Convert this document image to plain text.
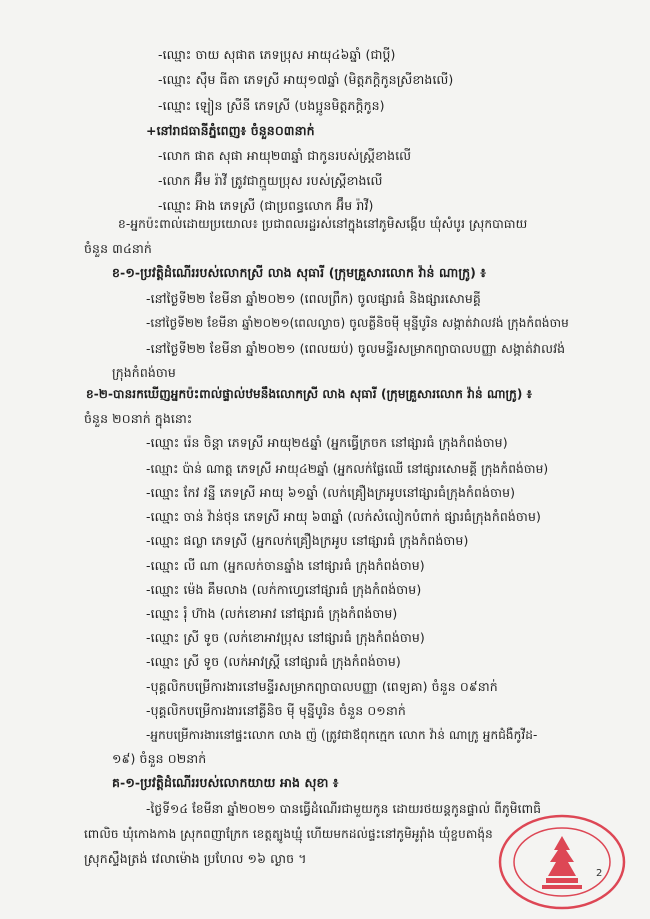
-ឈ្មោះ ចាយ សុផាត ភេទប្រុស អាយុ៤៦ឆ្នាំ (ជាប្តី)
-ឈ្មោះ ស៊ឹម ធីតា ភេទស្រី អាយុ១៧ឆ្នាំ (មិត្តភក្តិកូនស្រីខាងលើ)
-ឈ្មោះ ឡៀន ស្រីនី ភេទស្រី (បងប្អូនមិត្តភក្តិកូន)
+នៅរាជធានីភ្នំពេញ៖ ចំនួន០៣នាក់
-លោក ផាត សុផា អាយុ២៣ឆ្នាំ ជាកូនរបស់ស្រ្តីខាងលើ
-លោក អ៊ឹម រ៉ាវី ត្រូវជាក្មួយប្រុស របស់ស្ត្រីខាងលើ
-ឈ្មោះ អ៊ាង ភេទស្រី (ជាប្រពន្ធលោក អ៊ឹម រ៉ាវី)
ខ-អ្នកប៉ះពាល់ដោយប្រយោល៖ ប្រជាពលរដ្ឋរស់នៅក្នុងនៅភូមិសង្កើប ឃុំសំបូរ ស្រុកបាធាយ
ចំនួន ៣៤នាក់
ខ-១-ប្រវត្តិដំណើររបស់លោកស្រី លាង សុធារី (ក្រុមគ្រួសារលោក វ៉ាន់ ណាក្រូ) ៖
-នៅថ្ងៃទី២២ ខែមីនា ឆ្នាំ២០២១ (ពេលព្រឹក) ចូលផ្សារធំ និងផ្សារសោមគ្គី
-នៅថ្ងៃទី២២ ខែមីនា ឆ្នាំ២០២១(ពេលល្ងាច) ចូលគ្លីនិចម៉ី មុន្នីបូរិន សង្កាត់វាលវង់ ក្រុងកំពង់ចាម
-នៅថ្ងៃទី២២ ខែមីនា ឆ្នាំ២០២១ (ពេលយប់) ចូលមន្ទីរសម្រាកព្យាបាលបញ្ញា សង្កាត់វាលវង់
ក្រុងកំពង់ចាម
ខ-២-បានរកឃើញអ្នកប៉ះពាល់ផ្ទាល់ឋមនឹងលោកស្រី លាង សុធារី (ក្រុមគ្រួសារលោក វ៉ាន់ ណាក្រូ) ៖
ចំនួន ២០នាក់ ក្នុងនោះ
-ឈ្មោះ រ៉េន ចិន្តា ភេទស្រី អាយុ២៥ឆ្នាំ (អ្នកធ្វើក្រចក នៅផ្សារធំ ក្រុងកំពង់ចាម)
-ឈ្មោះ ប៉ាន់ ណាត្ត ភេទស្រី អាយុ៤២ឆ្នាំ (អ្នកលក់ផ្លែឈើ នៅផ្សារសោមគ្គី ក្រុងកំពង់ចាម)
-ឈ្មោះ កែវ វន្នី ភេទស្រី អាយុ ៦១ឆ្នាំ (លក់គ្រឿងក្រអូបនៅផ្សារធំក្រុងកំពង់ចាម)
-ឈ្មោះ ចាន់ វ៉ាន់ថុន ភេទស្រី អាយុ ៦៣ឆ្នាំ (លក់សំលៀកបំពាក់ ផ្សារធំក្រុងកំពង់ចាម)
-ឈ្មោះ ផល្លា ភេទស្រី (អ្នកលក់គ្រឿងក្រអូប នៅផ្សារធំ ក្រុងកំពង់ចាម)
-ឈ្មោះ លី ណា (អ្នកលក់ចានឆ្នាំង នៅផ្សារធំ ក្រុងកំពង់ចាម)
-ឈ្មោះ ម៉េង គឹមលាង (លក់កាហ្វេនៅផ្សារធំ ក្រុងកំពង់ចាម)
-ឈ្មោះ រុំ ហ៊ាង (លក់ខោអាវ នៅផ្សារធំ ក្រុងកំពង់ចាម)
-ឈ្មោះ ស្រី ទូច (លក់ខោអាវប្រុស នៅផ្សារធំ ក្រុងកំពង់ចាម)
-ឈ្មោះ ស្រី ទូច (លក់អាវស្ត្រី នៅផ្សារធំ ក្រុងកំពង់ចាម)
-បុគ្គលិកបម្រើការងារនៅមន្ទីរសម្រាកព្យាបាលបញ្ញា (ពេទ្យគា) ចំនួន ០៩នាក់
-បុគ្គលិកបម្រើការងារនៅគ្លីនិច ម៉ី មុន្នីបូរិន ចំនួន ០១នាក់
-អ្នកបម្រើការងារនៅផ្ទះលោក លាង ញ៉ (ត្រូវជាឪពុកក្មេក លោក វ៉ាន់ ណាក្រូ អ្នកជំងឺកូវីដ-
១៩) ចំនួន ០២នាក់
គ-១-ប្រវត្តិដំណើររបស់លោកយាយ អាង សុខា ៖
-ថ្ងៃទី១៤ ខែមីនា ឆ្នាំ២០២១ បានធ្វើដំណើរជាមួយកូន ដោយរថយន្តកូនផ្ទាល់ ពីភូមិពោធិ
ពោលិច ឃុំកោងកាង ស្រុកពញាក្រែក ខេត្តត្បូងឃ្មុំ ហើយមកដល់ផ្ទះនៅភូមិអូរ៉ាំង ឃុំខ្ចបតាង៉ុន
ស្រុកស្ទឹងត្រង់ វេលាម៉ោង ប្រហែល ១៦ ល្ងាច ។
2
